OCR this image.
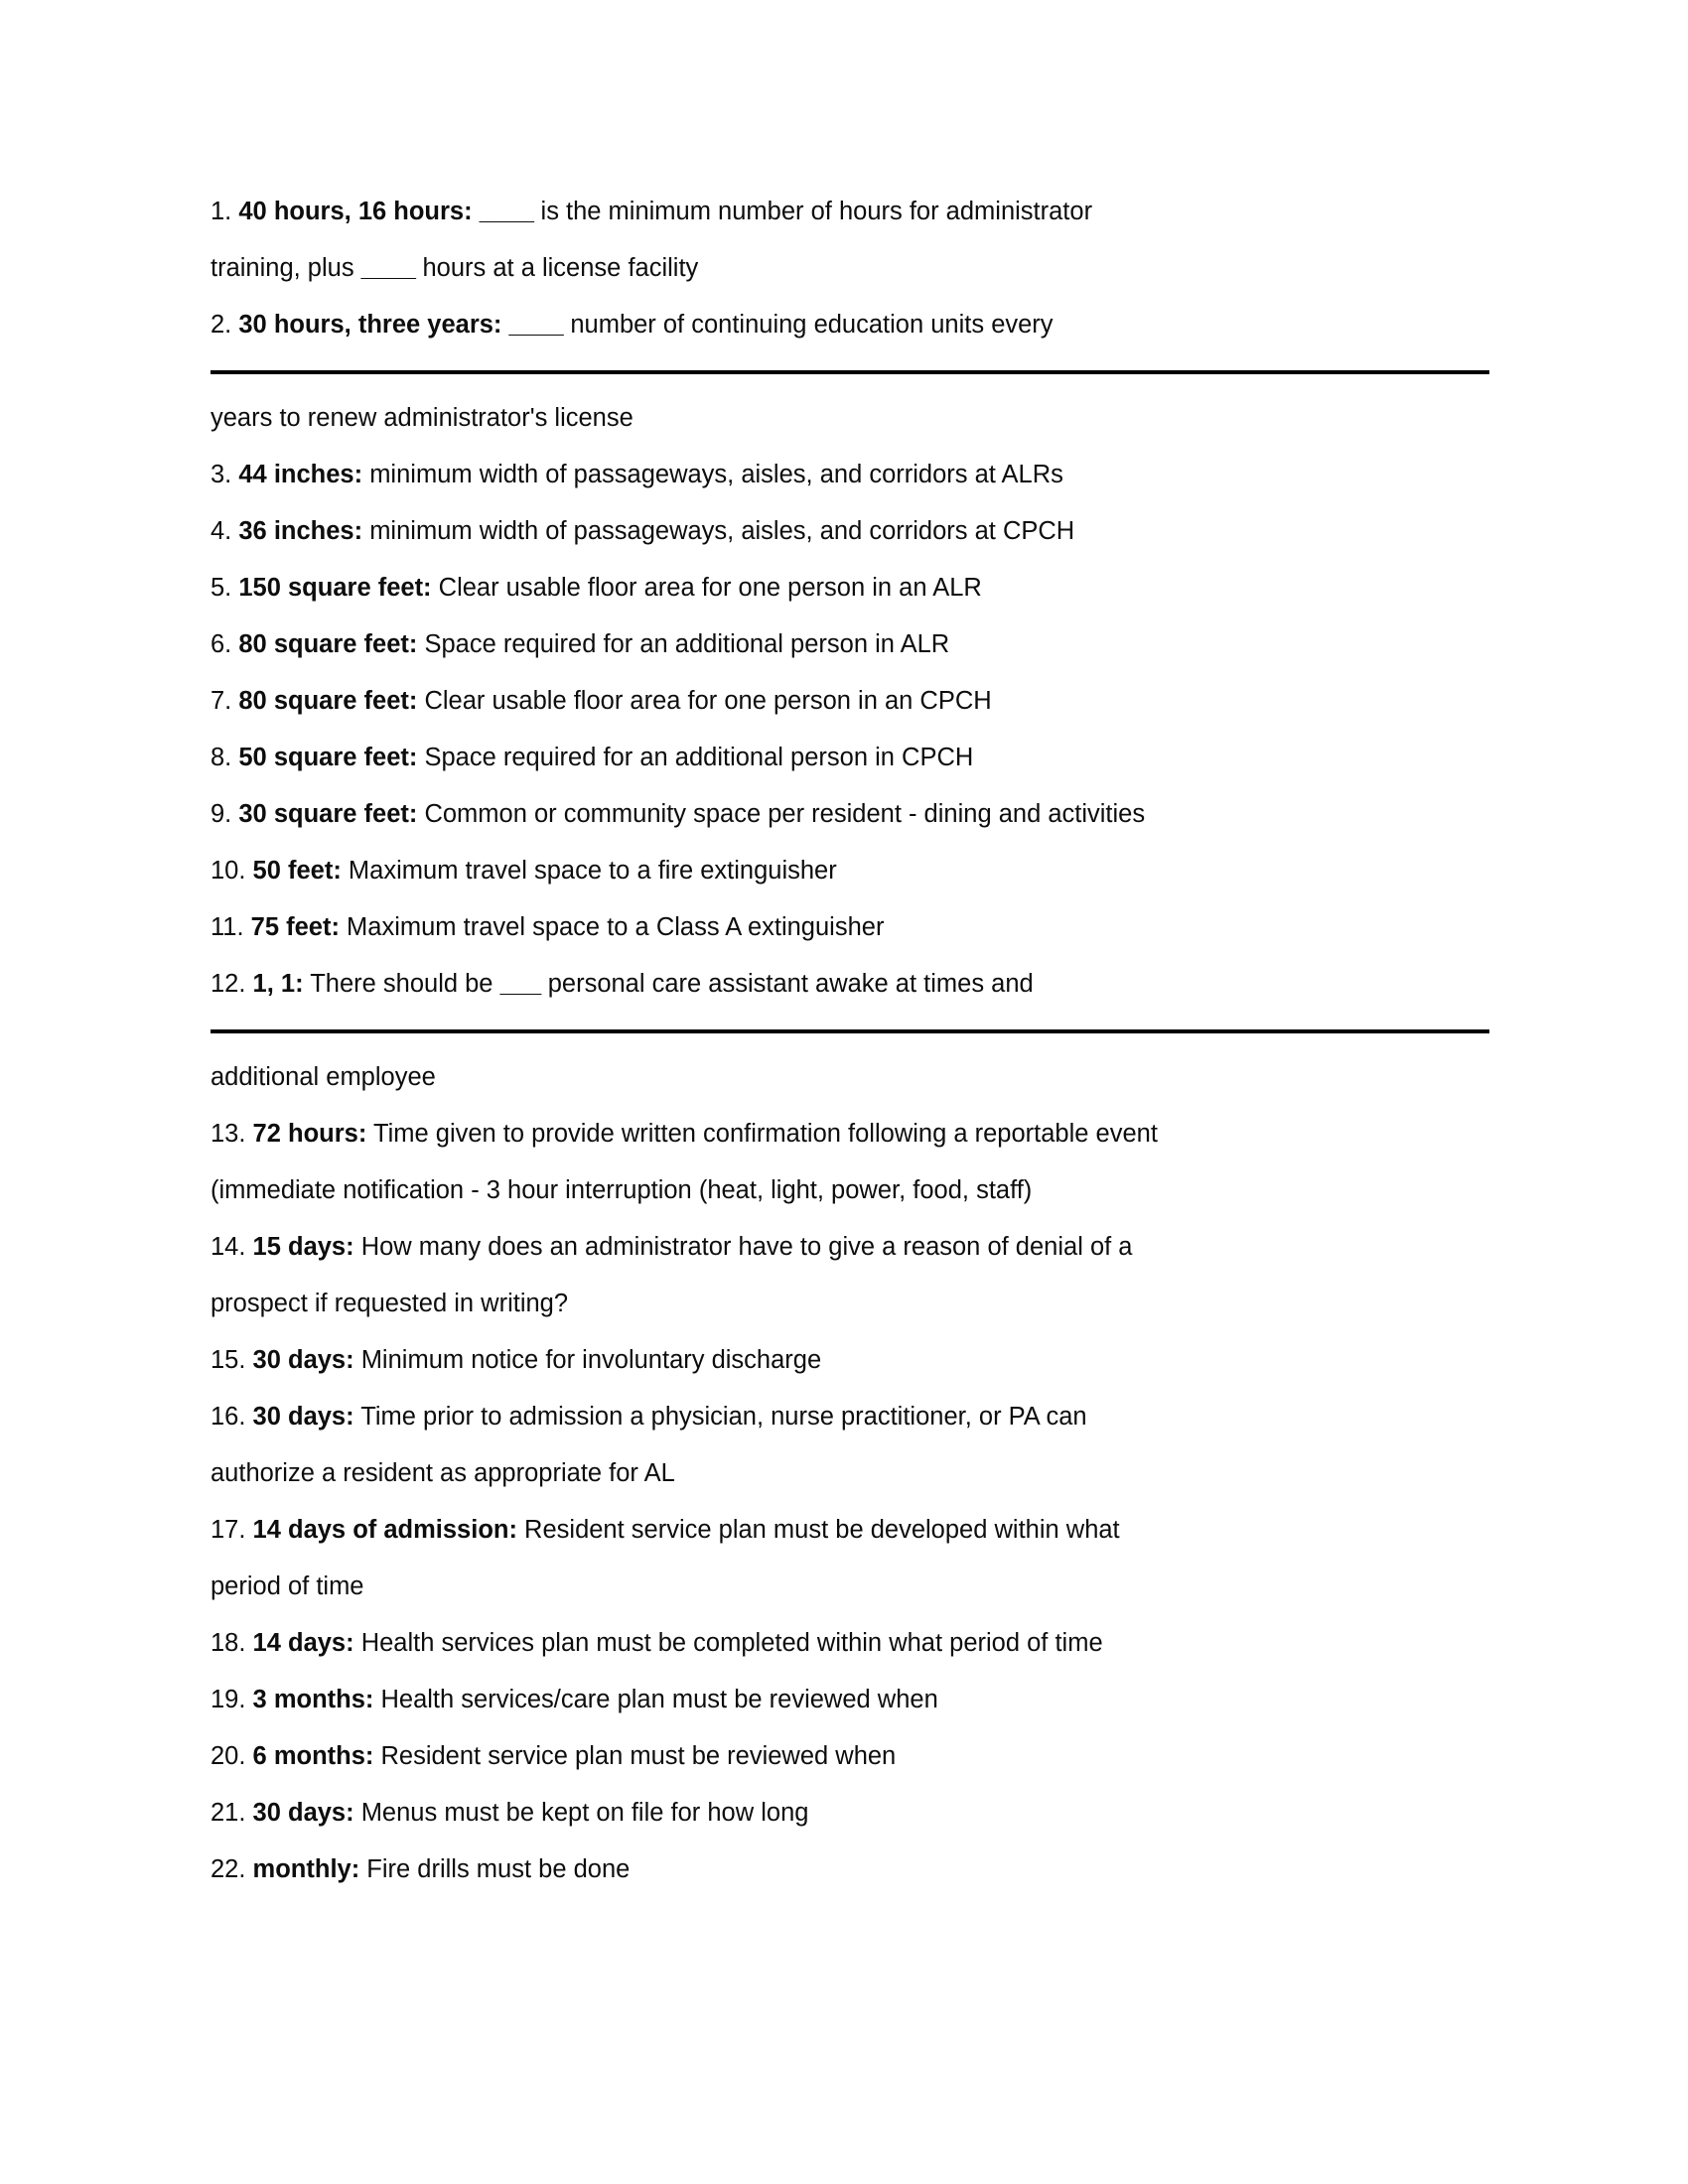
1. 40 hours, 16 hours: ____ is the minimum number of hours for administrator
training, plus ____ hours at a license facility
2. 30 hours, three years: ____ number of continuing education units every
years to renew administrator's license
3. 44 inches: minimum width of passageways, aisles, and corridors at ALRs
4. 36 inches: minimum width of passageways, aisles, and corridors at CPCH
5. 150 square feet: Clear usable floor area for one person in an ALR
6. 80 square feet: Space required for an additional person in ALR
7. 80 square feet: Clear usable floor area for one person in an CPCH
8. 50 square feet: Space required for an additional person in CPCH
9. 30 square feet: Common or community space per resident - dining and activities
10. 50 feet: Maximum travel space to a fire extinguisher
11. 75 feet: Maximum travel space to a Class A extinguisher
12. 1, 1: There should be ___ personal care assistant awake at times and
additional employee
13. 72 hours: Time given to provide written confirmation following a reportable event
(immediate notification - 3 hour interruption (heat, light, power, food, staff)
14. 15 days: How many does an administrator have to give a reason of denial of a
prospect if requested in writing?
15. 30 days: Minimum notice for involuntary discharge
16. 30 days: Time prior to admission a physician, nurse practitioner, or PA can
authorize a resident as appropriate for AL
17. 14 days of admission: Resident service plan must be developed within what
period of time
18. 14 days: Health services plan must be completed within what period of time
19. 3 months: Health services/care plan must be reviewed when
20. 6 months: Resident service plan must be reviewed when
21. 30 days: Menus must be kept on file for how long
22. monthly: Fire drills must be done
